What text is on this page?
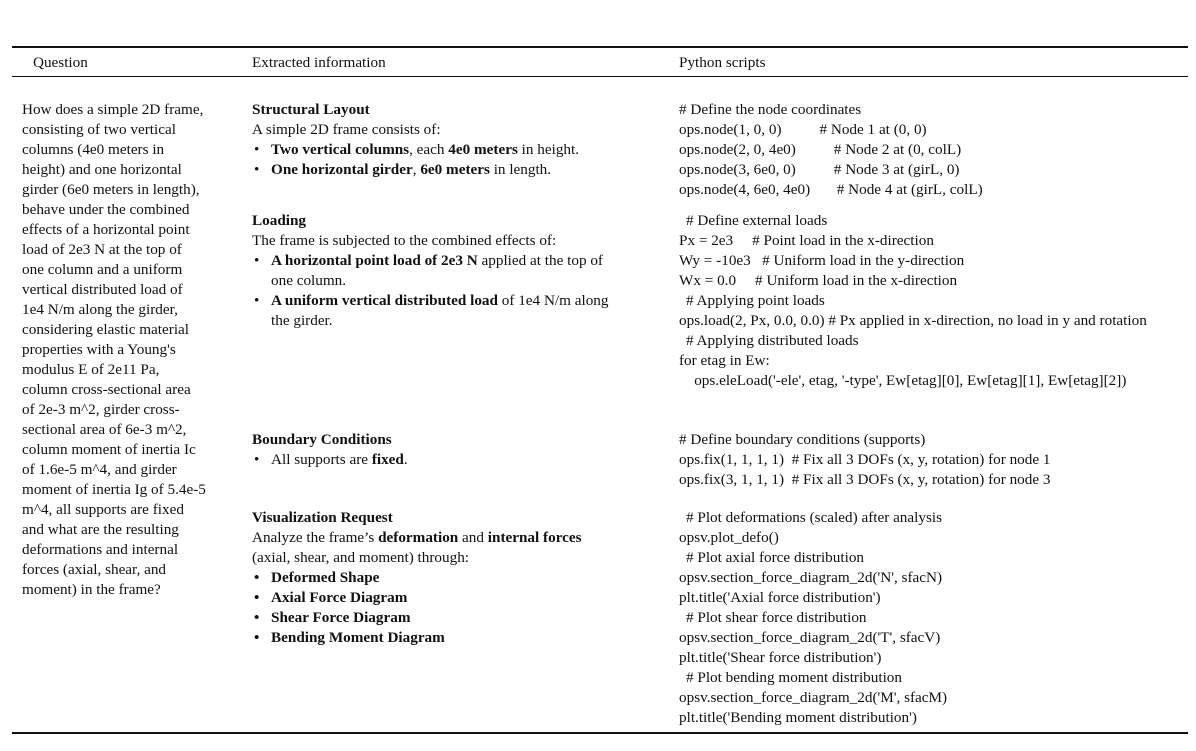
Question	Extracted information	Python scripts
How does a simple 2D frame, consisting of two vertical columns (4e0 meters in height) and one horizontal girder (6e0 meters in length), behave under the combined effects of a horizontal point load of 2e3 N at the top of one column and a uniform vertical distributed load of 1e4 N/m along the girder, considering elastic material properties with a Young's modulus E of 2e11 Pa, column cross-sectional area of 2e-3 m^2, girder cross-sectional area of 6e-3 m^2, column moment of inertia Ic of 1.6e-5 m^4, and girder moment of inertia Ig of 5.4e-5 m^4, all supports are fixed and what are the resulting deformations and internal forces (axial, shear, and moment) in the frame?
Structural Layout
A simple 2D frame consists of:
• Two vertical columns, each 4e0 meters in height.
• One horizontal girder, 6e0 meters in length.
Loading
The frame is subjected to the combined effects of:
• A horizontal point load of 2e3 N applied at the top of one column.
• A uniform vertical distributed load of 1e4 N/m along the girder.
Boundary Conditions
• All supports are fixed.
Visualization Request
Analyze the frame’s deformation and internal forces (axial, shear, and moment) through:
• Deformed Shape
• Axial Force Diagram
• Shear Force Diagram
• Bending Moment Diagram
# Define the node coordinates
ops.node(1, 0, 0)          # Node 1 at (0, 0)
ops.node(2, 0, 4e0)          # Node 2 at (0, colL)
ops.node(3, 6e0, 0)          # Node 3 at (girL, 0)
ops.node(4, 6e0, 4e0)       # Node 4 at (girL, colL)
# Define external loads
Px = 2e3     # Point load in the x-direction
Wy = -10e3   # Uniform load in the y-direction
Wx = 0.0     # Uniform load in the x-direction
# Applying point loads
ops.load(2, Px, 0.0, 0.0) # Px applied in x-direction, no load in y and rotation
# Applying distributed loads
for etag in Ew:
ops.eleLoad('-ele', etag, '-type', Ew[etag][0], Ew[etag][1], Ew[etag][2])
# Define boundary conditions (supports)
ops.fix(1, 1, 1, 1)  # Fix all 3 DOFs (x, y, rotation) for node 1
ops.fix(3, 1, 1, 1)  # Fix all 3 DOFs (x, y, rotation) for node 3
# Plot deformations (scaled) after analysis
opsv.plot_defo()
# Plot axial force distribution
opsv.section_force_diagram_2d('N', sfacN)
plt.title('Axial force distribution')
# Plot shear force distribution
opsv.section_force_diagram_2d('T', sfacV)
plt.title('Shear force distribution')
# Plot bending moment distribution
opsv.section_force_diagram_2d('M', sfacM)
plt.title('Bending moment distribution')
